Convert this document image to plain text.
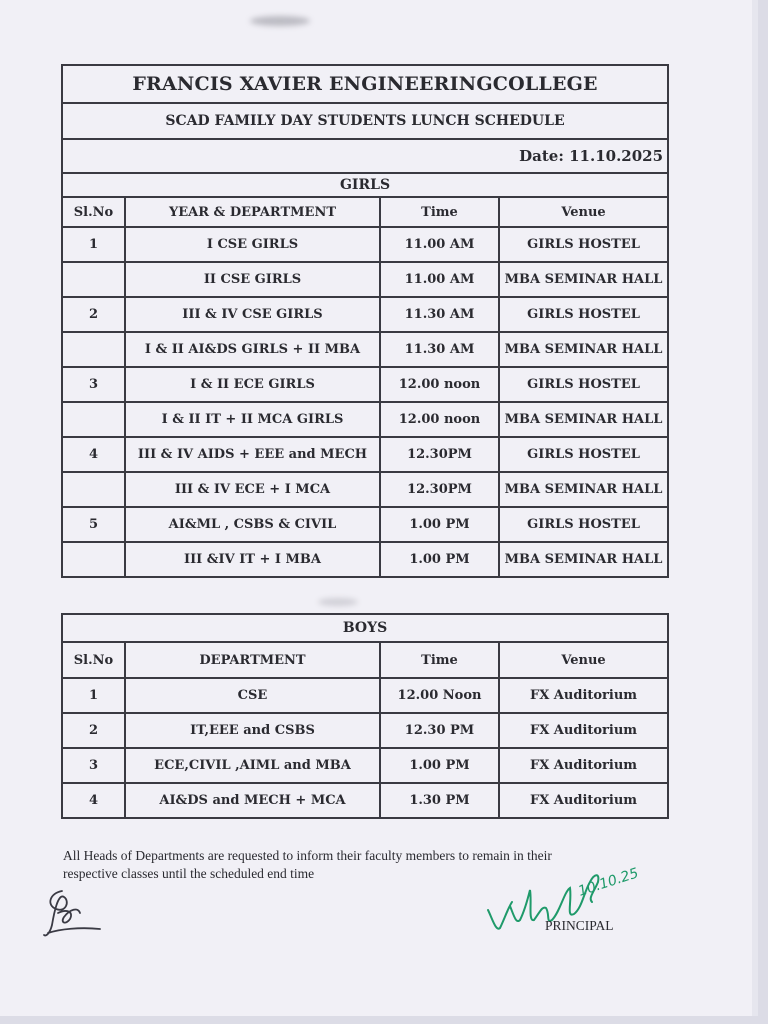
FRANCIS XAVIER ENGINEERINGCOLLEGE			
SCAD FAMILY DAY STUDENTS LUNCH SCHEDULE			
Date: 11.10.2025			
GIRLS			
Sl.No	YEAR & DEPARTMENT	Time	Venue
1	I CSE GIRLS	11.00 AM	GIRLS HOSTEL
	II CSE GIRLS	11.00 AM	MBA SEMINAR HALL
2	III & IV CSE GIRLS	11.30 AM	GIRLS HOSTEL
	I & II AI&DS GIRLS + II MBA	11.30 AM	MBA SEMINAR HALL
3	I & II ECE GIRLS	12.00 noon	GIRLS HOSTEL
	I & II IT + II MCA GIRLS	12.00 noon	MBA SEMINAR HALL
4	III & IV AIDS + EEE and MECH	12.30PM	GIRLS HOSTEL
	III & IV ECE + I MCA	12.30PM	MBA SEMINAR HALL
5	AI&ML , CSBS & CIVIL	1.00 PM	GIRLS HOSTEL
	III &IV IT + I MBA	1.00 PM	MBA SEMINAR HALL
BOYS			
Sl.No	DEPARTMENT	Time	Venue
1	CSE	12.00 Noon	FX Auditorium
2	IT,EEE and CSBS	12.30 PM	FX Auditorium
3	ECE,CIVIL ,AIML and MBA	1.00 PM	FX Auditorium
4	AI&DS and MECH + MCA	1.30 PM	FX Auditorium
All Heads of Departments are requested to inform their faculty members to remain in their
respective classes until the scheduled end time	10.10.25
PRINCIPAL
